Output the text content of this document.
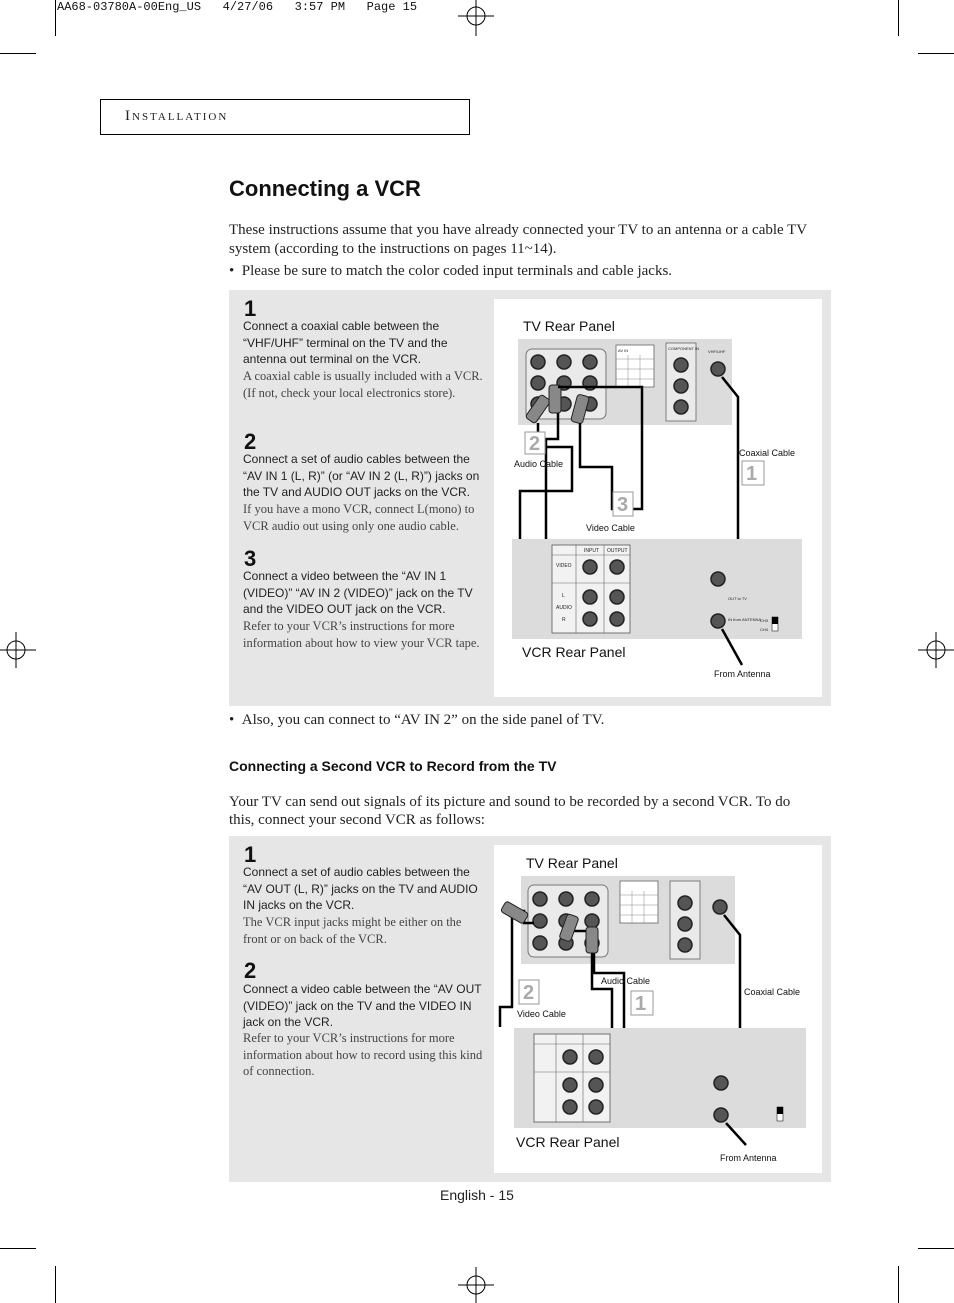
AA68-03780A-00Eng_US   4/27/06   3:57 PM   Page 15
Installation
Connecting a VCR
These instructions assume that you have already connected your TV to an antenna or a cable TV system (according to the instructions on pages 11~14).
• Please be sure to match the color coded input terminals and cable jacks.
1
Connect a coaxial cable between the “VHF/UHF” terminal on the TV and the antenna out terminal on the VCR.
A coaxial cable is usually included with a VCR. (If not, check your local electronics store).
2
Connect a set of audio cables between the “AV IN 1 (L, R)” (or “AV IN 2 (L, R)”) jacks on the TV and AUDIO OUT jacks on the VCR.
If you have a mono VCR, connect L(mono) to VCR audio out using only one audio cable.
3
Connect a video between the “AV IN 1 (VIDEO)” “AV IN 2 (VIDEO)” jack on the TV and the VIDEO OUT jack on the VCR.
Refer to your VCR’s instructions for more information about how to view your VCR tape.
TV Rear Panel
AV IN	COMPONENT IN
VHF/UHF
2
Audio Cable
3
Video Cable
Coaxial Cable
1
INPUT OUTPUT
VIDEO
L
AUDIO
R
OUT to TV
IN from ANTENNA
CH3
CH4
VCR Rear Panel
From Antenna
• Also, you can connect to “AV IN 2” on the side panel of TV.
Connecting a Second VCR to Record from the TV
Your TV can send out signals of its picture and sound to be recorded by a second VCR. To do this, connect your second VCR as follows:
1
Connect a set of audio cables between the “AV OUT (L, R)” jacks on the TV and AUDIO IN jacks on the VCR.
The VCR input jacks might be either on the front or on back of the VCR.
2
Connect a video cable between the “AV OUT (VIDEO)” jack on the TV and the VIDEO IN jack on the VCR.
Refer to your VCR’s instructions for more information about how to record using this kind of connection.
TV Rear Panel
Audio Cable
2
Video Cable	1
Coaxial Cable
VCR Rear Panel
From Antenna
English - 15
